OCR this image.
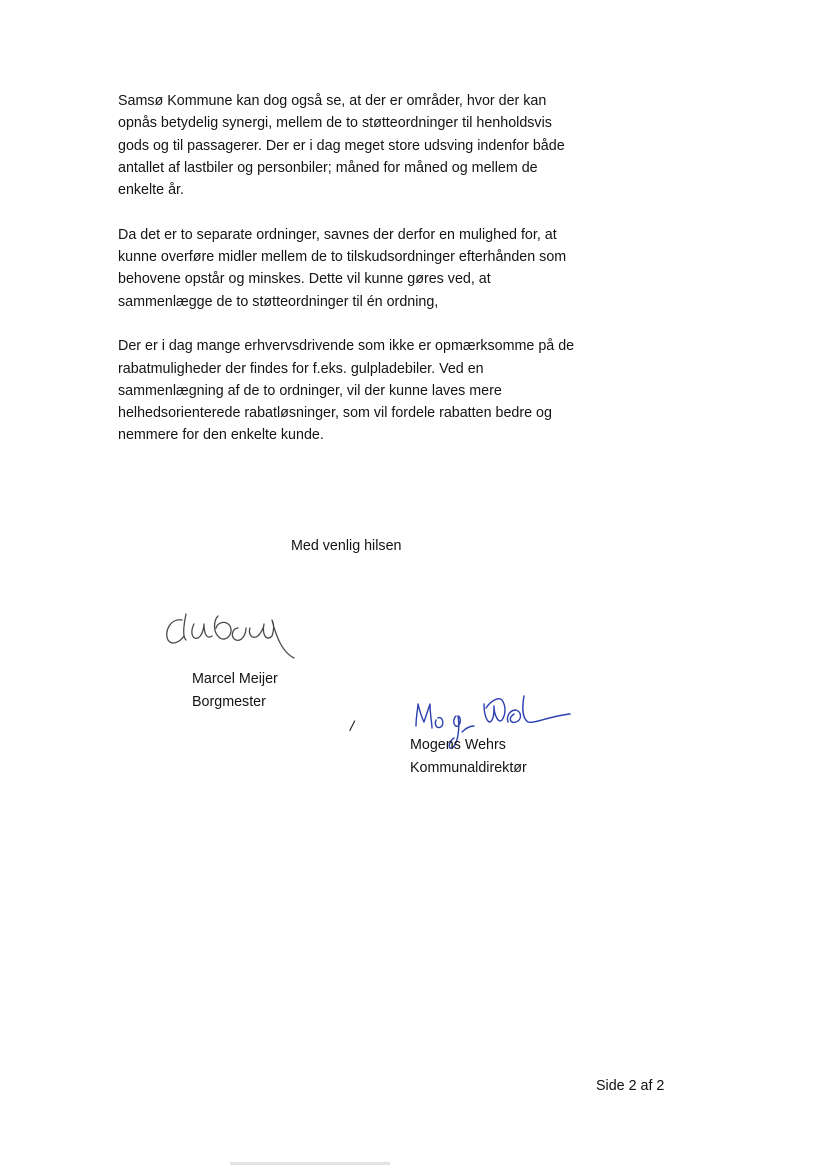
Samsø Kommune kan dog også se, at der er områder, hvor der kan
opnås betydelig synergi, mellem de to støtteordninger til henholdsvis
gods og til passagerer. Der er i dag meget store udsving indenfor både
antallet af lastbiler og personbiler; måned for måned og mellem de
enkelte år.

Da det er to separate ordninger, savnes der derfor en mulighed for, at
kunne overføre midler mellem de to tilskudsordninger efterhånden som
behovene opstår og minskes. Dette vil kunne gøres ved, at
sammenlægge de to støtteordninger til én ordning,

Der er i dag mange erhvervsdrivende som ikke er opmærksomme på de
rabatmuligheder der findes for f.eks. gulpladebiler. Ved en
sammenlægning af de to ordninger, vil der kunne laves mere
helhedsorienterede rabatløsninger, som vil fordele rabatten bedre og
nemmere for den enkelte kunde.

Med venlig hilsen
Marcel Meijer
Borgmester
/
Mogens Wehrs
Kommunaldirektør
Side 2 af 2
